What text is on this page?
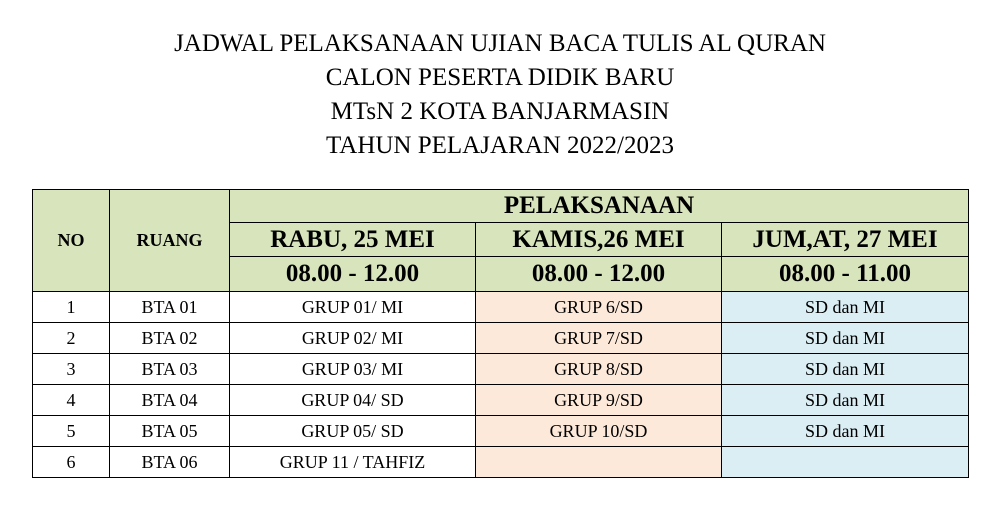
JADWAL PELAKSANAAN UJIAN BACA TULIS AL QURAN
CALON PESERTA DIDIK BARU
MTsN 2 KOTA BANJARMASIN
TAHUN PELAJARAN 2022/2023
NO	RUANG	PELAKSANAAN		
		RABU, 25 MEI	KAMIS,26 MEI	JUM,AT, 27 MEI
		08.00 - 12.00	08.00 - 12.00	08.00 - 11.00
1	BTA 01	GRUP 01/ MI	GRUP 6/SD	SD dan MI
2	BTA 02	GRUP 02/ MI	GRUP 7/SD	SD dan MI
3	BTA 03	GRUP 03/ MI	GRUP 8/SD	SD dan MI
4	BTA 04	GRUP 04/ SD	GRUP 9/SD	SD dan MI
5	BTA 05	GRUP 05/ SD	GRUP 10/SD	SD dan MI
6	BTA 06	GRUP 11 / TAHFIZ		
